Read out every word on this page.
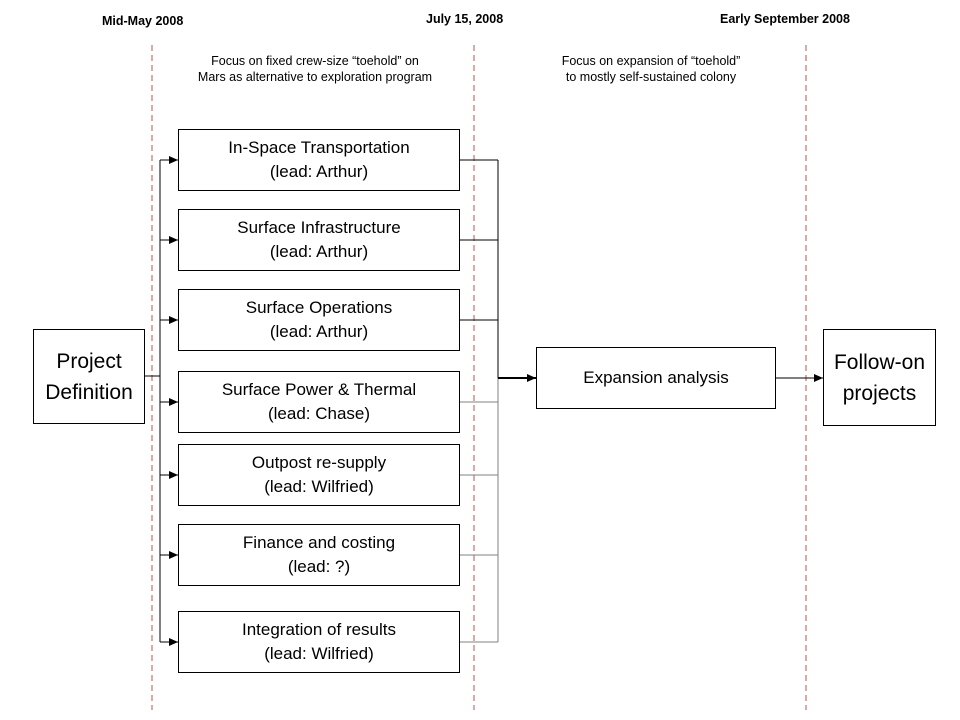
Mid-May 2008	July 15, 2008	Early September 2008
Focus on fixed crew-size “toehold” on
Mars as alternative to exploration program
Focus on expansion of “toehold”
to mostly self-sustained colony
Project
Definition
In-Space Transportation
(lead: Arthur)
Surface Infrastructure
(lead: Arthur)
Surface Operations
(lead: Arthur)
Surface Power & Thermal
(lead: Chase)
Outpost re-supply
(lead: Wilfried)
Finance and costing
(lead: ?)
Integration of results
(lead: Wilfried)
Expansion analysis
Follow-on
projects
